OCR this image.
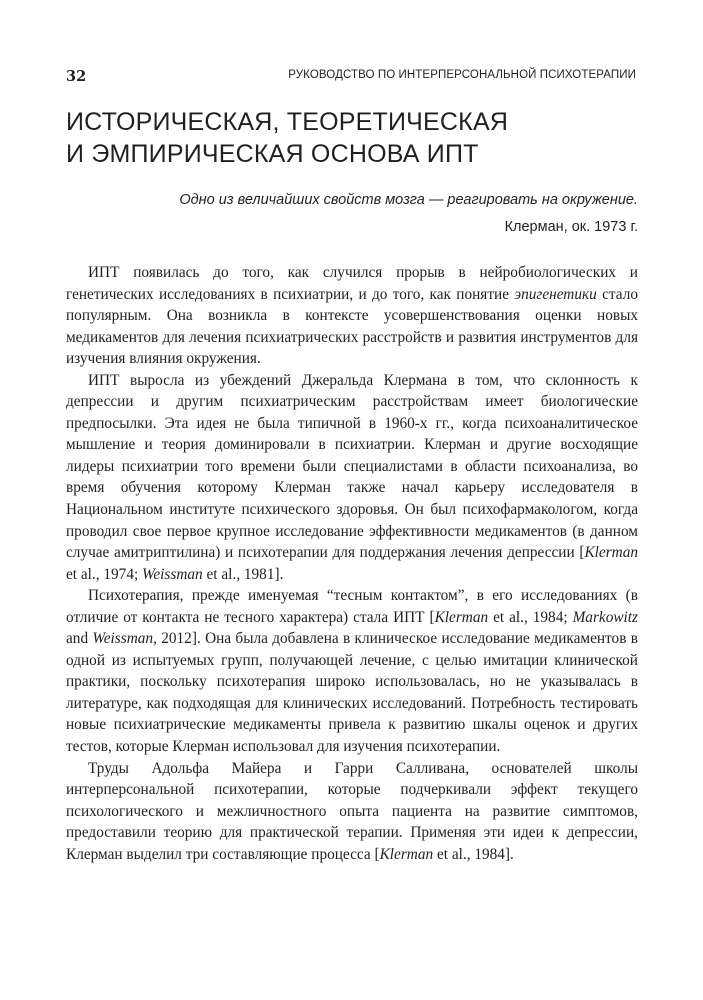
32	РУКОВОДСТВО ПО ИНТЕРПЕРСОНАЛЬНОЙ ПСИХОТЕРАПИИ
ИСТОРИЧЕСКАЯ, ТЕОРЕТИЧЕСКАЯ
И ЭМПИРИЧЕСКАЯ ОСНОВА ИПТ
Одно из величайших свойств мозга — реагировать на окружение.
Клерман, ок. 1973 г.

ИПТ появилась до того, как случился прорыв в нейробиологических и генетических исследованиях в психиатрии, и до того, как понятие эпигенетики стало популярным. Она возникла в контексте усовершенствования оценки новых медикаментов для лечения психиатрических расстройств и развития инструментов для изучения влияния окружения.

ИПТ выросла из убеждений Джеральда Клермана в том, что склонность к депрессии и другим психиатрическим расстройствам имеет биологические предпосылки. Эта идея не была типичной в 1960-х гг., когда психоаналитическое мышление и теория доминировали в психиатрии. Клерман и другие восходящие лидеры психиатрии того времени были специалистами в области психоанализа, во время обучения которому Клерман также начал карьеру исследователя в Национальном институте психического здоровья. Он был психофармакологом, когда проводил свое первое крупное исследование эффективности медикаментов (в данном случае амитриптилина) и психотерапии для поддержания лечения депрессии [Klerman et al., 1974; Weissman et al., 1981].

Психотерапия, прежде именуемая “тесным контактом”, в его исследованиях (в отличие от контакта не тесного характера) стала ИПТ [Klerman et al., 1984; Markowitz and Weissman, 2012]. Она была добавлена в клиническое исследование медикаментов в одной из испытуемых групп, получающей лечение, с целью имитации клинической практики, поскольку психотерапия широко использовалась, но не указывалась в литературе, как подходящая для клинических исследований. Потребность тестировать новые психиатрические медикаменты привела к развитию шкалы оценок и других тестов, которые Клерман использовал для изучения психотерапии.

Труды Адольфа Майера и Гарри Салливана, основателей школы интерперсональной психотерапии, которые подчеркивали эффект текущего психологического и межличностного опыта пациента на развитие симптомов, предоставили теорию для практической терапии. Применяя эти идеи к депрессии, Клерман выделил три составляющие процесса [Klerman et al., 1984].
